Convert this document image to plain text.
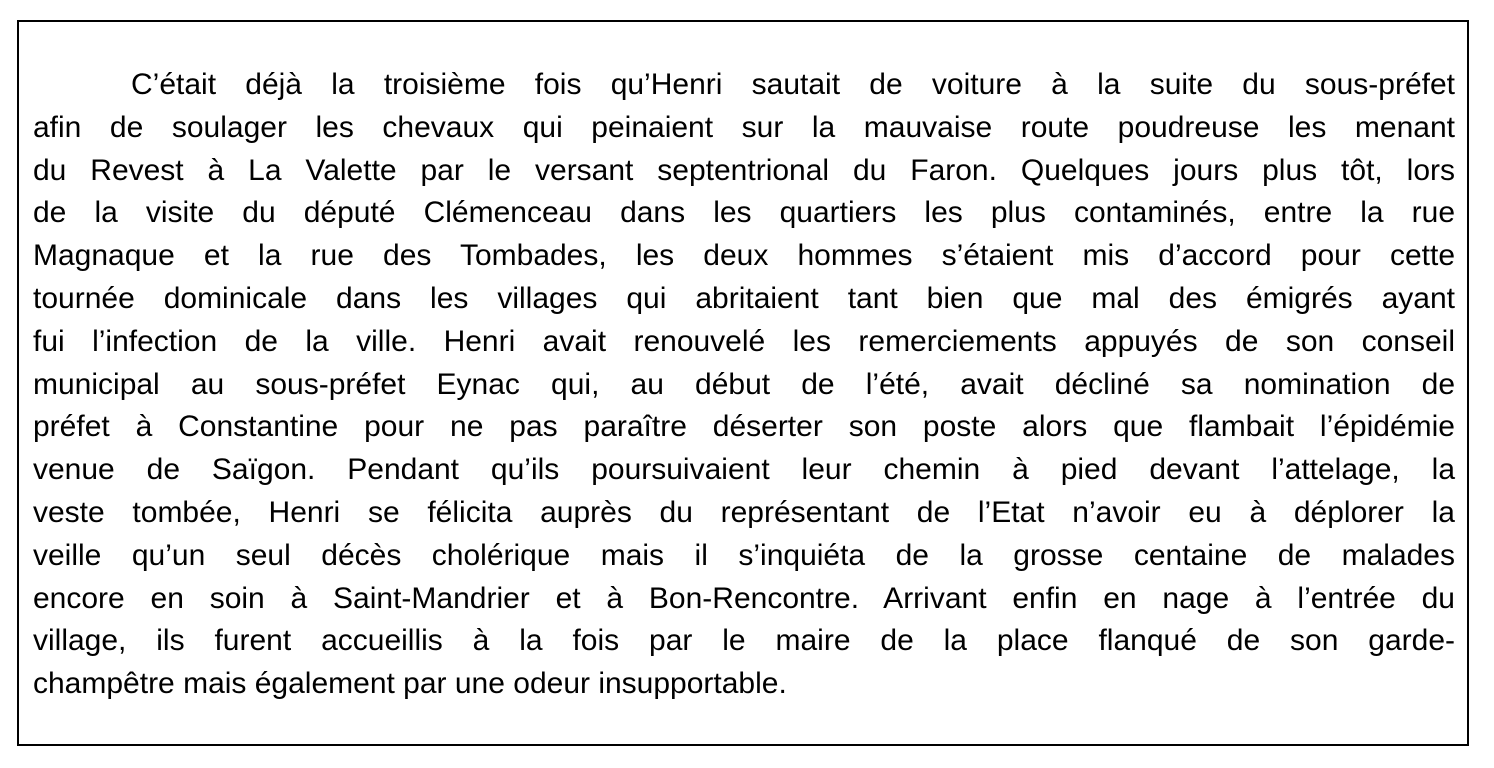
C’était déjà la troisième fois qu’Henri sautait de voiture à la suite du sous-préfet
afin de soulager les chevaux qui peinaient sur la mauvaise route poudreuse les menant
du Revest à La Valette par le versant septentrional du Faron. Quelques jours plus tôt, lors
de la visite du député Clémenceau dans les quartiers les plus contaminés, entre la rue
Magnaque et la rue des Tombades, les deux hommes s’étaient mis d’accord pour cette
tournée dominicale dans les villages qui abritaient tant bien que mal des émigrés ayant
fui l’infection de la ville. Henri avait renouvelé les remerciements appuyés de son conseil
municipal au sous-préfet Eynac qui, au début de l’été, avait décliné sa nomination de
préfet à Constantine pour ne pas paraître déserter son poste alors que flambait l’épidémie
venue de Saïgon. Pendant qu’ils poursuivaient leur chemin à pied devant l’attelage, la
veste tombée, Henri se félicita auprès du représentant de l’Etat n’avoir eu à déplorer la
veille qu’un seul décès cholérique mais il s’inquiéta de la grosse centaine de malades
encore en soin à Saint-Mandrier et à Bon-Rencontre. Arrivant enfin en nage à l’entrée du
village, ils furent accueillis à la fois par le maire de la place flanqué de son garde-
champêtre mais également par une odeur insupportable.
